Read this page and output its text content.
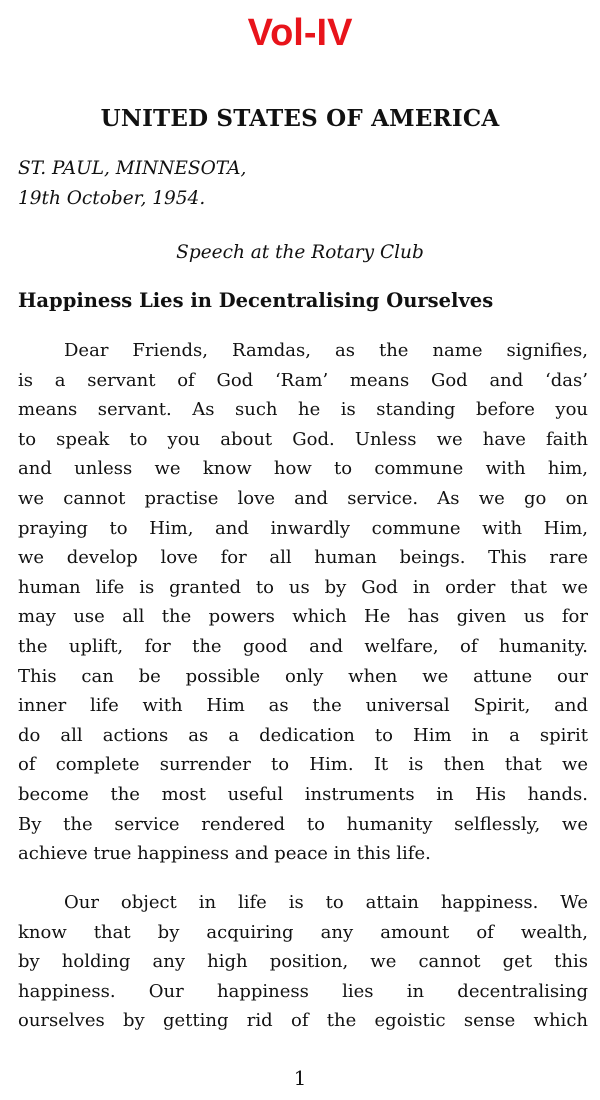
Vol-IV
UNITED STATES OF AMERICA
ST. PAUL, MINNESOTA,
19th October, 1954.
Speech at the Rotary Club
Happiness Lies in Decentralising Ourselves
Dear Friends, Ramdas, as the name signifies,
is a servant of God ‘Ram’ means God and ‘das’
means servant. As such he is standing before you
to speak to you about God. Unless we have faith
and unless we know how to commune with him,
we cannot practise love and service. As we go on
praying to Him, and inwardly commune with Him,
we develop love for all human beings. This rare
human life is granted to us by God in order that we
may use all the powers which He has given us for
the uplift, for the good and welfare, of humanity.
This can be possible only when we attune our
inner life with Him as the universal Spirit, and
do all actions as a dedication to Him in a spirit
of complete surrender to Him. It is then that we
become the most useful instruments in His hands.
By the service rendered to humanity selflessly, we
achieve true happiness and peace in this life.
Our object in life is to attain happiness. We
know that by acquiring any amount of wealth,
by holding any high position, we cannot get this
happiness. Our happiness lies in decentralising
ourselves by getting rid of the egoistic sense which
1
